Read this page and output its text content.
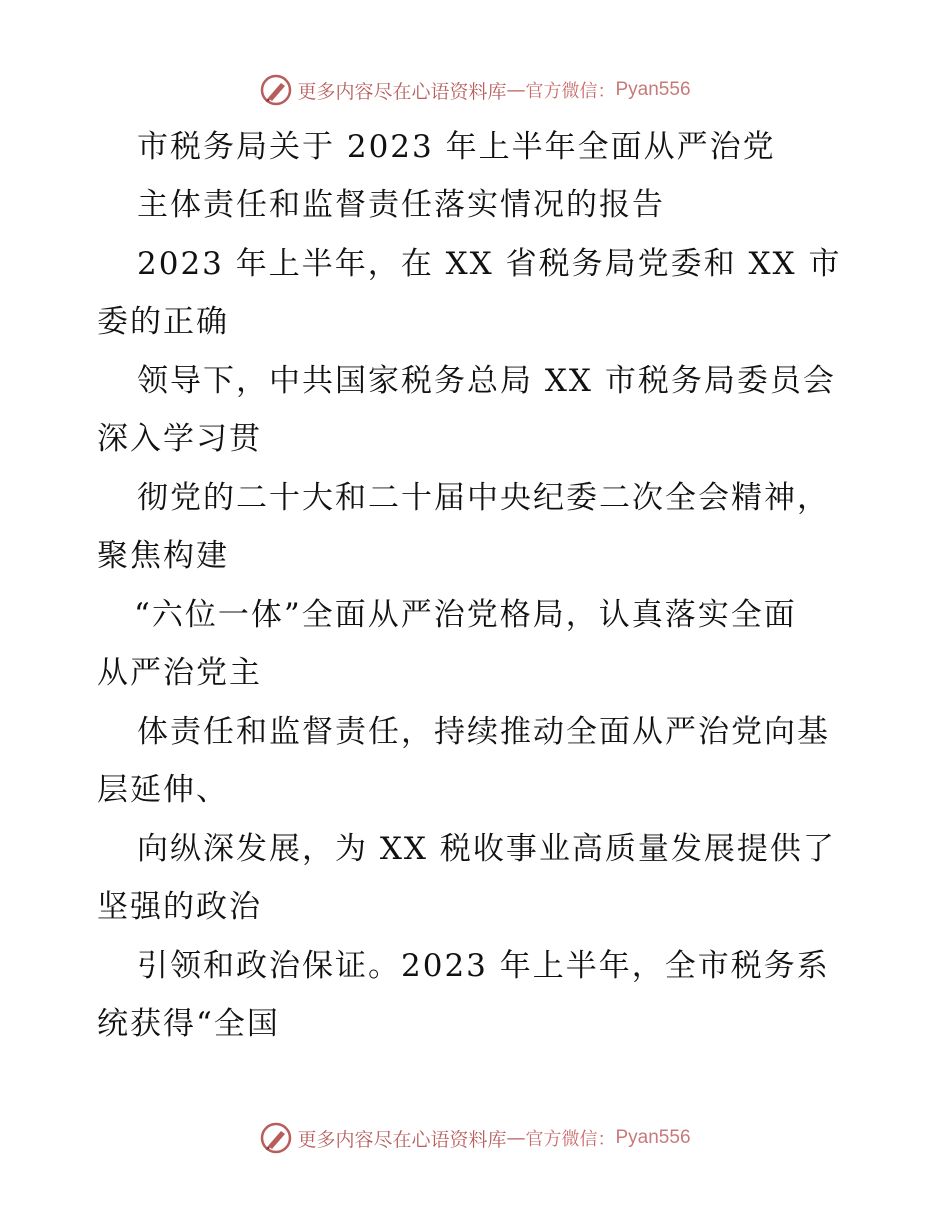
更多内容尽在心语资料库 — 官方微信： Pyan556
市税务局关于 2023 年上半年全面从严治党
主体责任和监督责任落实情况的报告
2023 年上半年，在 XX 省税务局党委和 XX 市
委的正确
领导下，中共国家税务总局 XX 市税务局委员会
深入学习贯
彻党的二十大和二十届中央纪委二次全会精神，
聚焦构建
“六位一体”全面从严治党格局，认真落实全面
从严治党主
体责任和监督责任，持续推动全面从严治党向基
层延伸、
向纵深发展，为 XX 税收事业高质量发展提供了
坚强的政治
引领和政治保证。2023 年上半年，全市税务系
统获得“全国
更多内容尽在心语资料库 — 官方微信： Pyan556
